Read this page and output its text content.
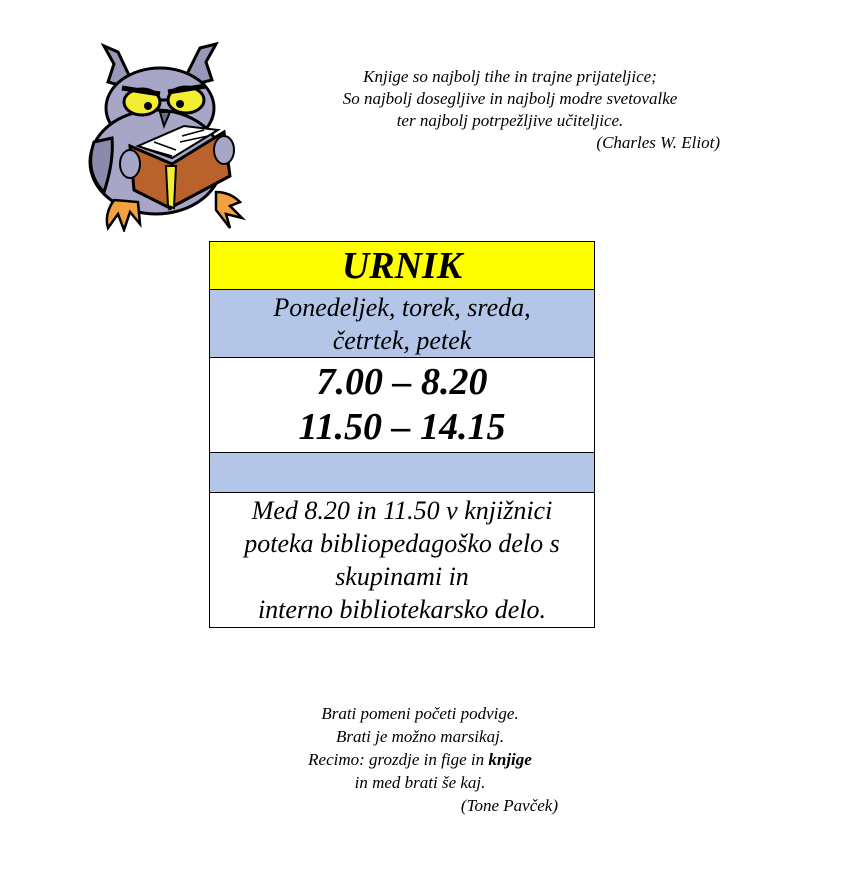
Knjige so najbolj tihe in trajne prijateljice;
So najbolj dosegljive in najbolj modre svetovalke
ter najbolj potrpežljive učiteljice.
(Charles W. Eliot)
URNIK

Ponedeljek, torek, sreda,
četrtek, petek

7.00 – 8.20
11.50 – 14.15

Med 8.20 in 11.50 v knjižnici
poteka bibliopedagoško delo s
skupinami in
interno bibliotekarsko delo.
Brati pomeni početi podvige.
Brati je možno marsikaj.
Recimo: grozdje in fige in knjige
in med brati še kaj.
(Tone Pavček)
